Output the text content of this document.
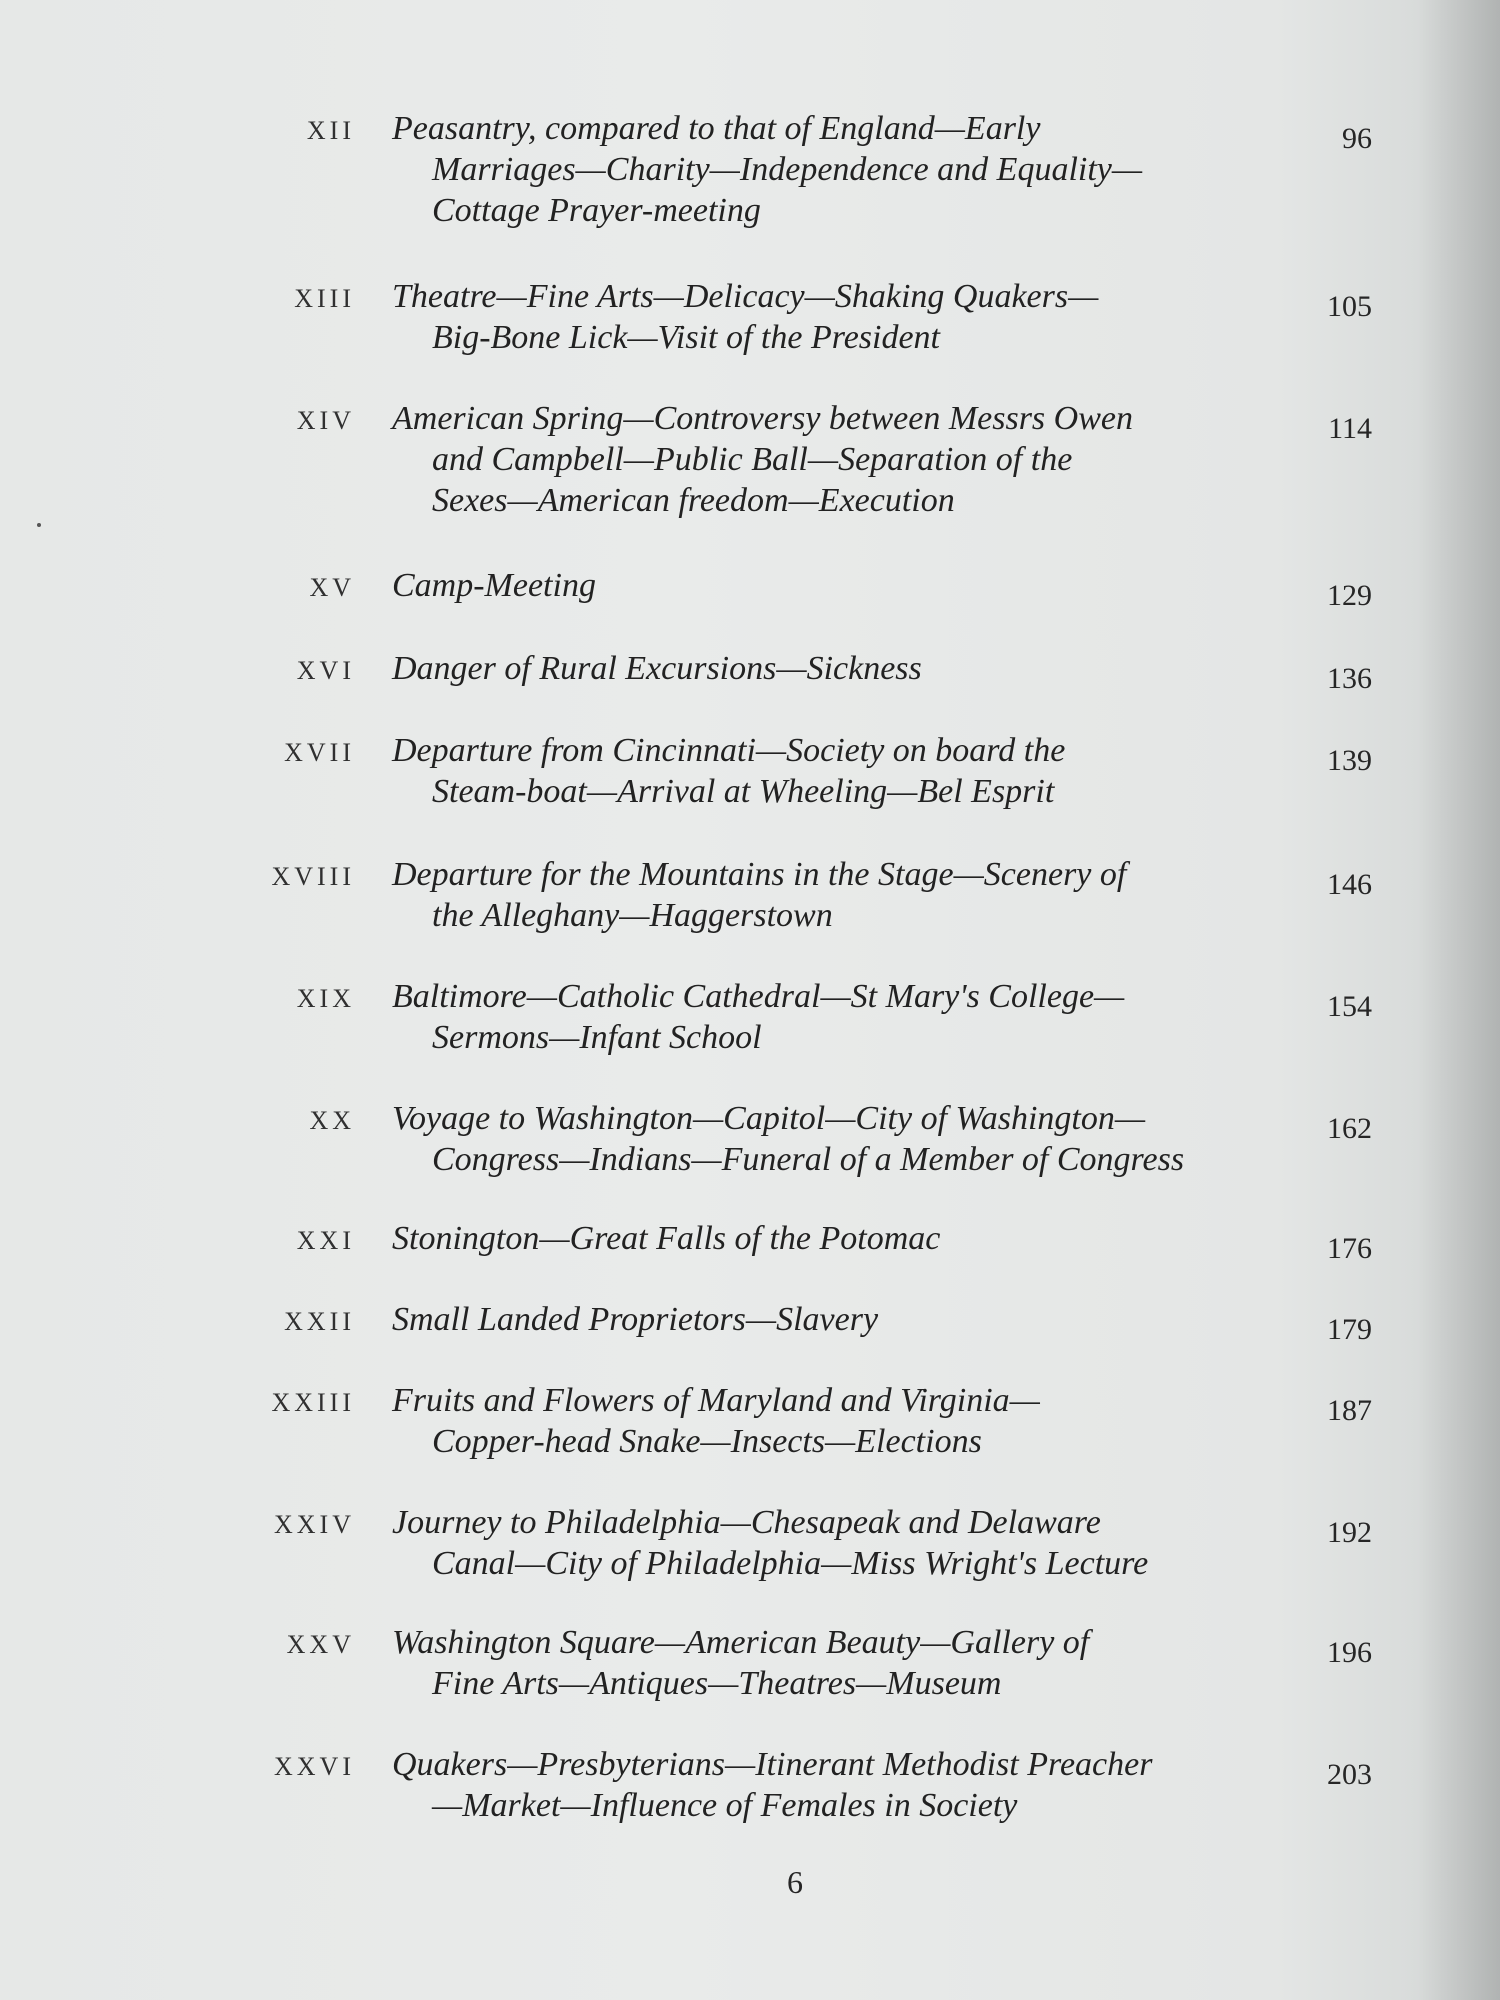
XII Peasantry, compared to that of England—Early
Marriages—Charity—Independence and Equality—
Cottage Prayer-meeting
96
XIII Theatre—Fine Arts—Delicacy—Shaking Quakers—
Big-Bone Lick—Visit of the President
105
XIV American Spring—Controversy between Messrs Owen
and Campbell—Public Ball—Separation of the
Sexes—American freedom—Execution
114
XV Camp-Meeting	129
XVI Danger of Rural Excursions—Sickness	136
XVII Departure from Cincinnati—Society on board the
Steam-boat—Arrival at Wheeling—Bel Esprit
139
XVIII Departure for the Mountains in the Stage—Scenery of
the Alleghany—Haggerstown
146
XIX Baltimore—Catholic Cathedral—St Mary's College—
Sermons—Infant School
154
XX Voyage to Washington—Capitol—City of Washington—
Congress—Indians—Funeral of a Member of Congress
162
XXI Stonington—Great Falls of the Potomac	176
XXII Small Landed Proprietors—Slavery	179
XXIII Fruits and Flowers of Maryland and Virginia—
Copper-head Snake—Insects—Elections
187
XXIV Journey to Philadelphia—Chesapeak and Delaware
Canal—City of Philadelphia—Miss Wright's Lecture
192
XXV Washington Square—American Beauty—Gallery of
Fine Arts—Antiques—Theatres—Museum
196
XXVI Quakers—Presbyterians—Itinerant Methodist Preacher
—Market—Influence of Females in Society
203
6
